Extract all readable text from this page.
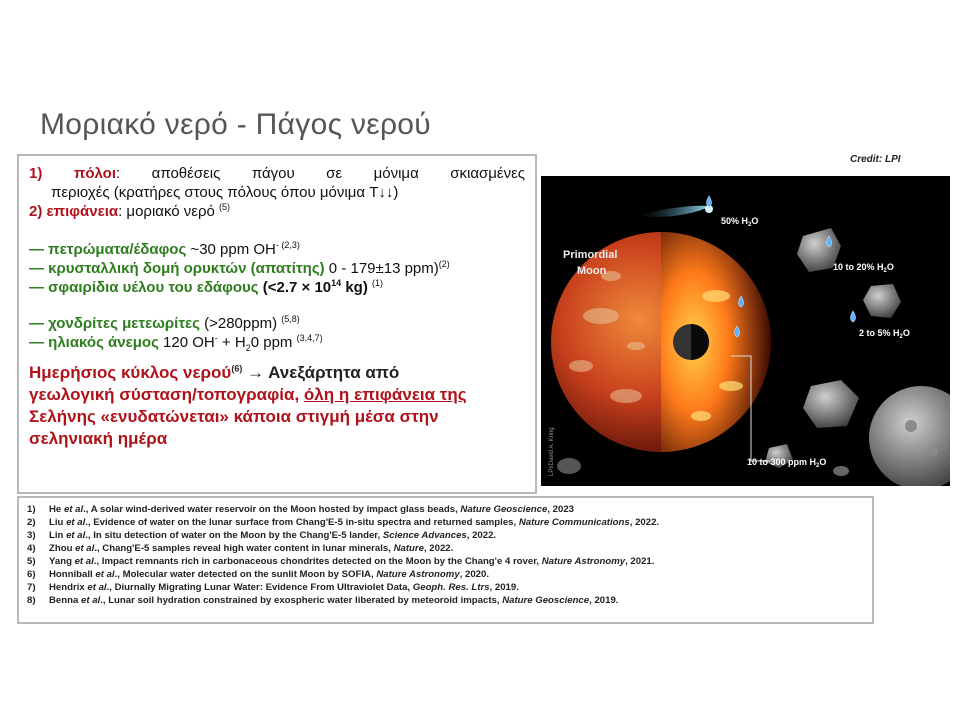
Μοριακό νερό - Πάγος νερού
1) πόλοι: αποθέσεις πάγου σε μόνιμα σκιασμένες
περιοχές (κρατήρες στους πόλους όπου μόνιμα T↓↓)
2) επιφάνεια: μοριακό νερό $^{(5)}$
— πετρώματα/έδαφος ~30 ppm $OH^{- (2,3)}$
— κρυσταλλική δομή ορυκτών (απατίτης) 0 - 179±13 ppm)$^{(2)}$
— σφαιρίδια υέλου του εδάφους ($<2.7 \times 10^{14}$ kg) $^{(1)}$
— χονδρίτες μετεωρίτες (>280ppm) $^{(5,8)}$
— ηλιακός άνεμος 120 $OH^- + H_20$ ppm $^{(3,4,7)}$
Ημερήσιος κύκλος νερού$^{(6)}$ → Ανεξάρτητα από
γεωλογική σύσταση/τοπογραφία, όλη η επιφάνεια της
Σελήνης «ενυδατώνεται» κάποια στιγμή μέσα στην
σεληνιακή ημέρα
Credit: LPI
Primordial
Moon
50% $H_2O$
10 to 20% $H_2O$
2 to 5% $H_2O$
10 to 300 ppm $H_2O$
LPI/David A. Kring
1) He et al., A solar wind-derived water reservoir on the Moon hosted by impact glass beads, Nature Geoscience, 2023
2) Liu et al., Evidence of water on the lunar surface from Chang'E-5 in-situ spectra and returned samples, Nature Communications, 2022.
3) Lin et al., In situ detection of water on the Moon by the Chang'E-5 lander, Science Advances, 2022.
4) Zhou et al., Chang'E-5 samples reveal high water content in lunar minerals, Nature, 2022.
5) Yang et al., Impact remnants rich in carbonaceous chondrites detected on the Moon by the Chang'e 4 rover, Nature Astronomy, 2021.
6) Honniball et al., Molecular water detected on the sunlit Moon by SOFIA, Nature Astronomy, 2020.
7) Hendrix et al., Diurnally Migrating Lunar Water: Evidence From Ultraviolet Data, Geoph. Res. Ltrs, 2019.
8) Benna et al., Lunar soil hydration constrained by exospheric water liberated by meteoroid impacts, Nature Geoscience, 2019.
